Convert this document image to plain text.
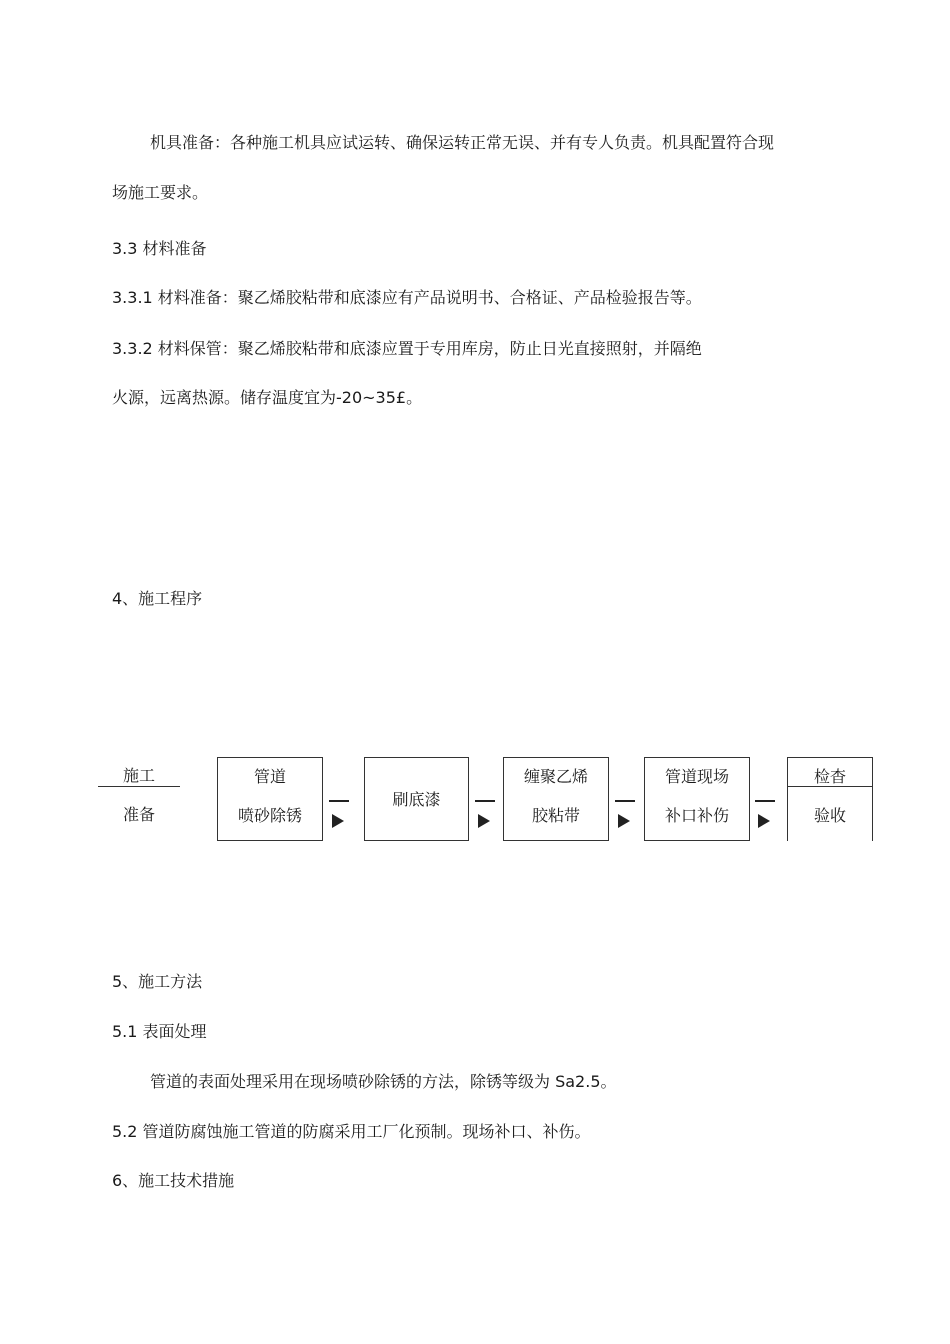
机具准备：各种施工机具应试运转、确保运转正常无误、并有专人负责。机具配置符合现
场施工要求。
3.3 材料准备
3.3.1 材料准备：聚乙烯胶粘带和底漆应有产品说明书、合格证、产品检验报告等。
3.3.2 材料保管：聚乙烯胶粘带和底漆应置于专用库房，防止日光直接照射，并隔绝
火源，远离热源。储存温度宜为-20~35£。
4、施工程序
施工
准备
管道
喷砂除锈
刷底漆
缠聚乙烯
胶粘带
管道现场
补口补伤
检杳
验收
5、施工方法
5.1 表面处理
管道的表面处理采用在现场喷砂除锈的方法，除锈等级为 Sa2.5。
5.2 管道防腐蚀施工管道的防腐采用工厂化预制。现场补口、补伤。
6、施工技术措施
